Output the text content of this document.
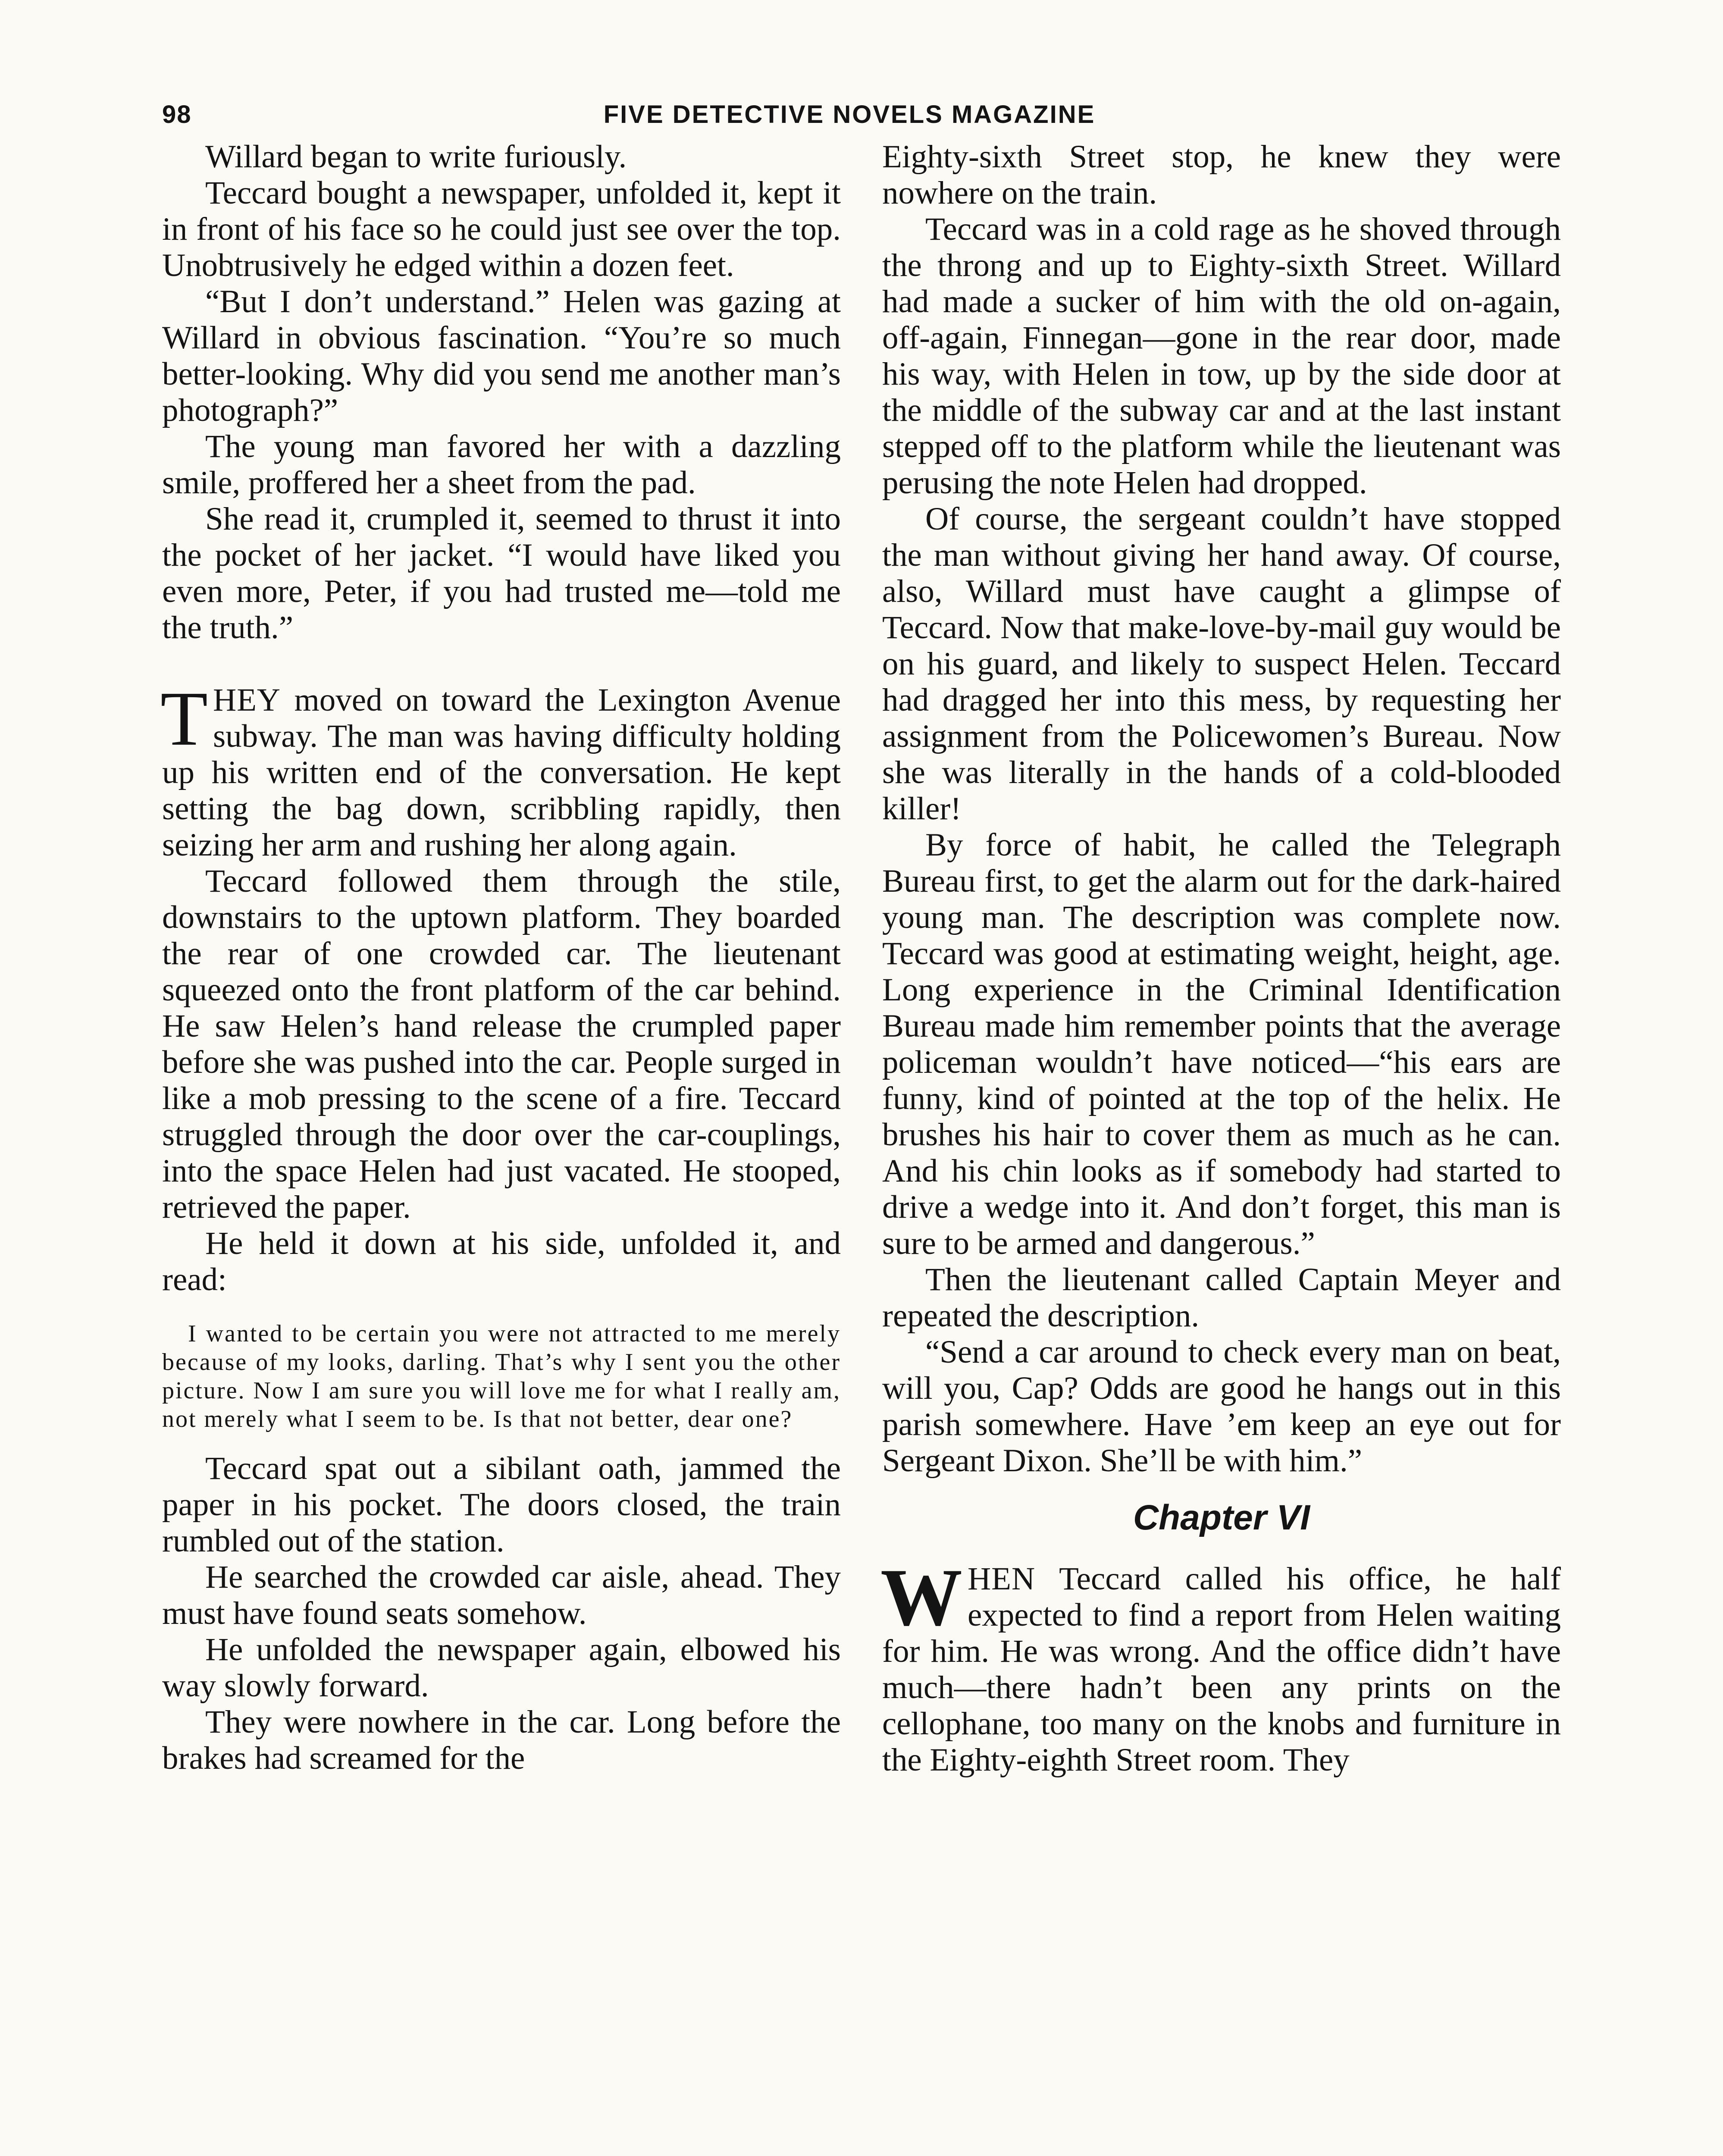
98	FIVE DETECTIVE NOVELS MAGAZINE

Willard began to write furiously.

Teccard bought a newspaper, unfolded it, kept it in front of his face so he could just see over the top. Unobtrusively he edged within a dozen feet.

“But I don’t understand.” Helen was gazing at Willard in obvious fascination. “You’re so much better-looking. Why did you send me another man’s photograph?”

The young man favored her with a dazzling smile, proffered her a sheet from the pad.

She read it, crumpled it, seemed to thrust it into the pocket of her jacket. “I would have liked you even more, Peter, if you had trusted me—told me the truth.”

THEY moved on toward the Lexington Avenue subway. The man was having difficulty holding up his written end of the conversation. He kept setting the bag down, scribbling rapidly, then seizing her arm and rushing her along again.

Teccard followed them through the stile, downstairs to the uptown platform. They boarded the rear of one crowded car. The lieutenant squeezed onto the front platform of the car behind. He saw Helen’s hand release the crumpled paper before she was pushed into the car. People surged in like a mob pressing to the scene of a fire. Teccard struggled through the door over the car-couplings, into the space Helen had just vacated. He stooped, retrieved the paper.

He held it down at his side, unfolded it, and read:

I wanted to be certain you were not attracted to me merely because of my looks, darling. That’s why I sent you the other picture. Now I am sure you will love me for what I really am, not merely what I seem to be. Is that not better, dear one?

Teccard spat out a sibilant oath, jammed the paper in his pocket. The doors closed, the train rumbled out of the station.

He searched the crowded car aisle, ahead. They must have found seats somehow.

He unfolded the newspaper again, elbowed his way slowly forward.

They were nowhere in the car. Long before the brakes had screamed for the

Eighty-sixth Street stop, he knew they were nowhere on the train.

Teccard was in a cold rage as he shoved through the throng and up to Eighty-sixth Street. Willard had made a sucker of him with the old on-again, off-again, Finnegan—gone in the rear door, made his way, with Helen in tow, up by the side door at the middle of the subway car and at the last instant stepped off to the platform while the lieutenant was perusing the note Helen had dropped.

Of course, the sergeant couldn’t have stopped the man without giving her hand away. Of course, also, Willard must have caught a glimpse of Teccard. Now that make-love-by-mail guy would be on his guard, and likely to suspect Helen. Teccard had dragged her into this mess, by requesting her assignment from the Policewomen’s Bureau. Now she was literally in the hands of a cold-blooded killer!

By force of habit, he called the Telegraph Bureau first, to get the alarm out for the dark-haired young man. The description was complete now. Teccard was good at estimating weight, height, age. Long experience in the Criminal Identification Bureau made him remember points that the average policeman wouldn’t have noticed—“his ears are funny, kind of pointed at the top of the helix. He brushes his hair to cover them as much as he can. And his chin looks as if somebody had started to drive a wedge into it. And don’t forget, this man is sure to be armed and dangerous.”

Then the lieutenant called Captain Meyer and repeated the description.

“Send a car around to check every man on beat, will you, Cap? Odds are good he hangs out in this parish somewhere. Have ’em keep an eye out for Sergeant Dixon. She’ll be with him.”

Chapter VI

WHEN Teccard called his office, he half expected to find a report from Helen waiting for him. He was wrong. And the office didn’t have much—there hadn’t been any prints on the cellophane, too many on the knobs and furniture in the Eighty-eighth Street room. They
